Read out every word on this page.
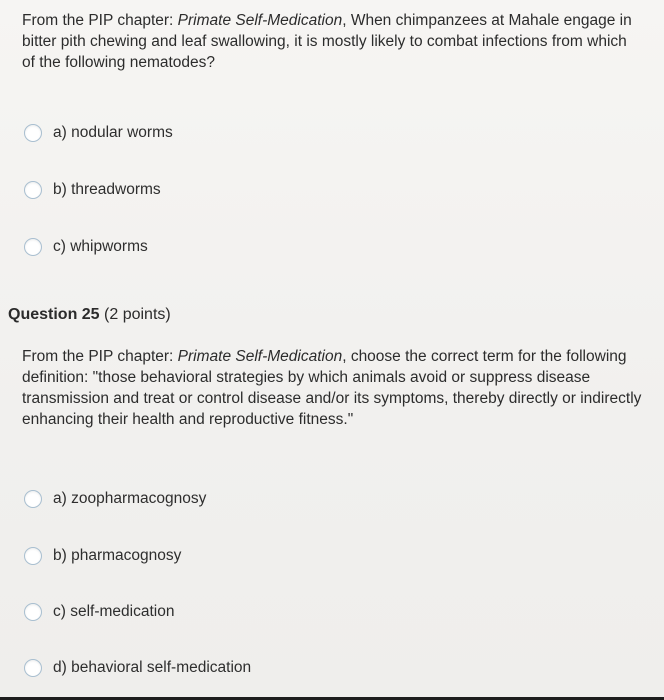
From the PIP chapter: Primate Self-Medication, When chimpanzees at Mahale engage in bitter pith chewing and leaf swallowing, it is mostly likely to combat infections from which of the following nematodes?
a) nodular worms
b) threadworms
c) whipworms
Question 25 (2 points)
From the PIP chapter: Primate Self-Medication, choose the correct term for the following definition: "those behavioral strategies by which animals avoid or suppress disease transmission and treat or control disease and/or its symptoms, thereby directly or indirectly enhancing their health and reproductive fitness."
a) zoopharmacognosy
b) pharmacognosy
c) self-medication
d) behavioral self-medication
